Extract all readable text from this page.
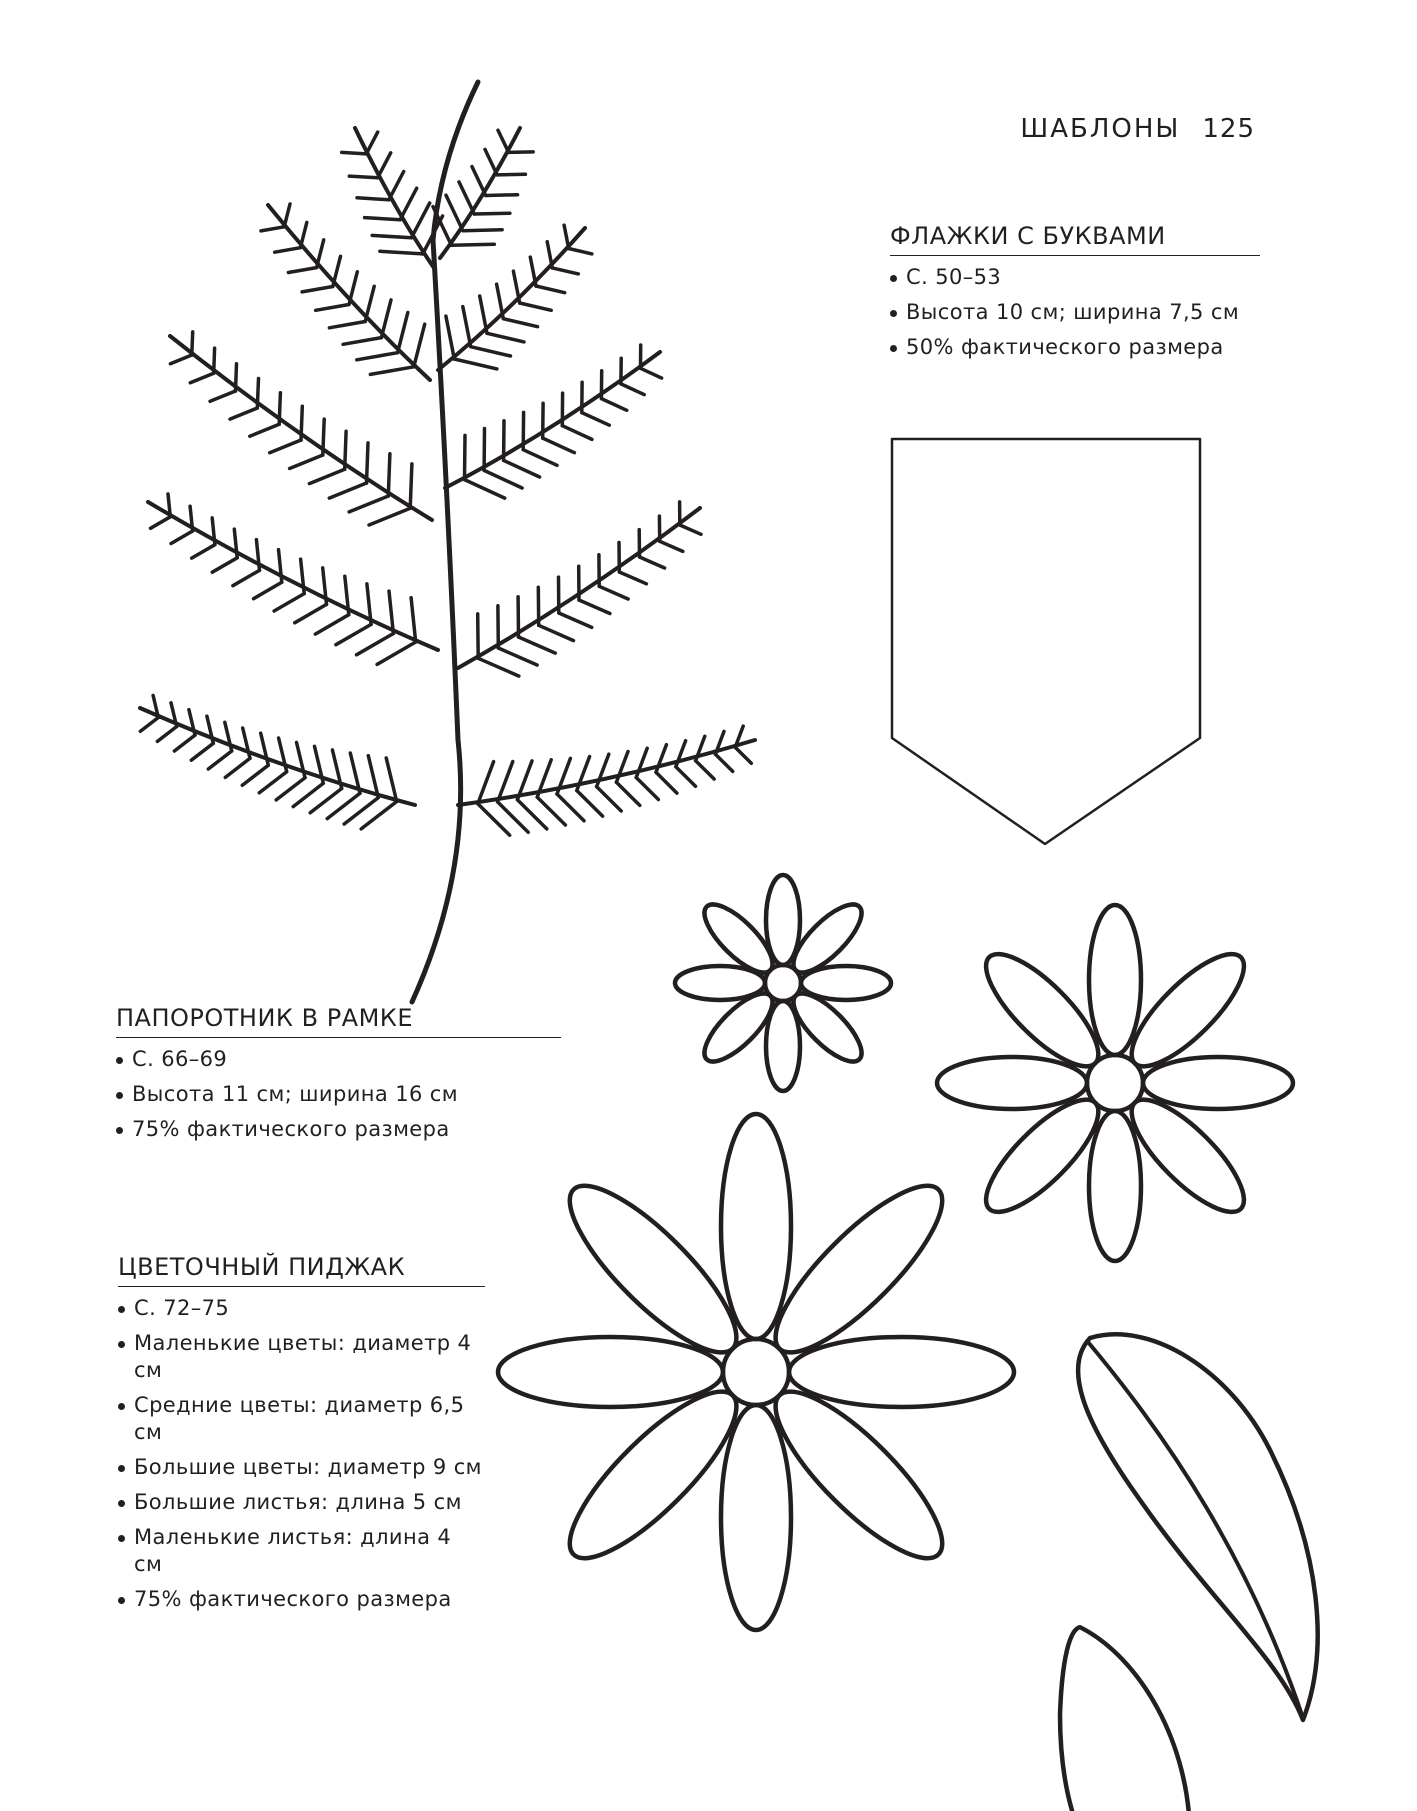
ШАБЛОНЫ 125
ФЛАЖКИ С БУКВАМИ
С. 50–53
Высота 10 см; ширина 7,5 см
50% фактического размера
ПАПОРОТНИК В РАМКЕ
С. 66–69
Высота 11 см; ширина 16 см
75% фактического размера
ЦВЕТОЧНЫЙ ПИДЖАК
С. 72–75
Маленькие цветы: диаметр 4 см
Средние цветы: диаметр 6,5 см
Большие цветы: диаметр 9 см
Большие листья: длина 5 см
Маленькие листья: длина 4 см
75% фактического размера
